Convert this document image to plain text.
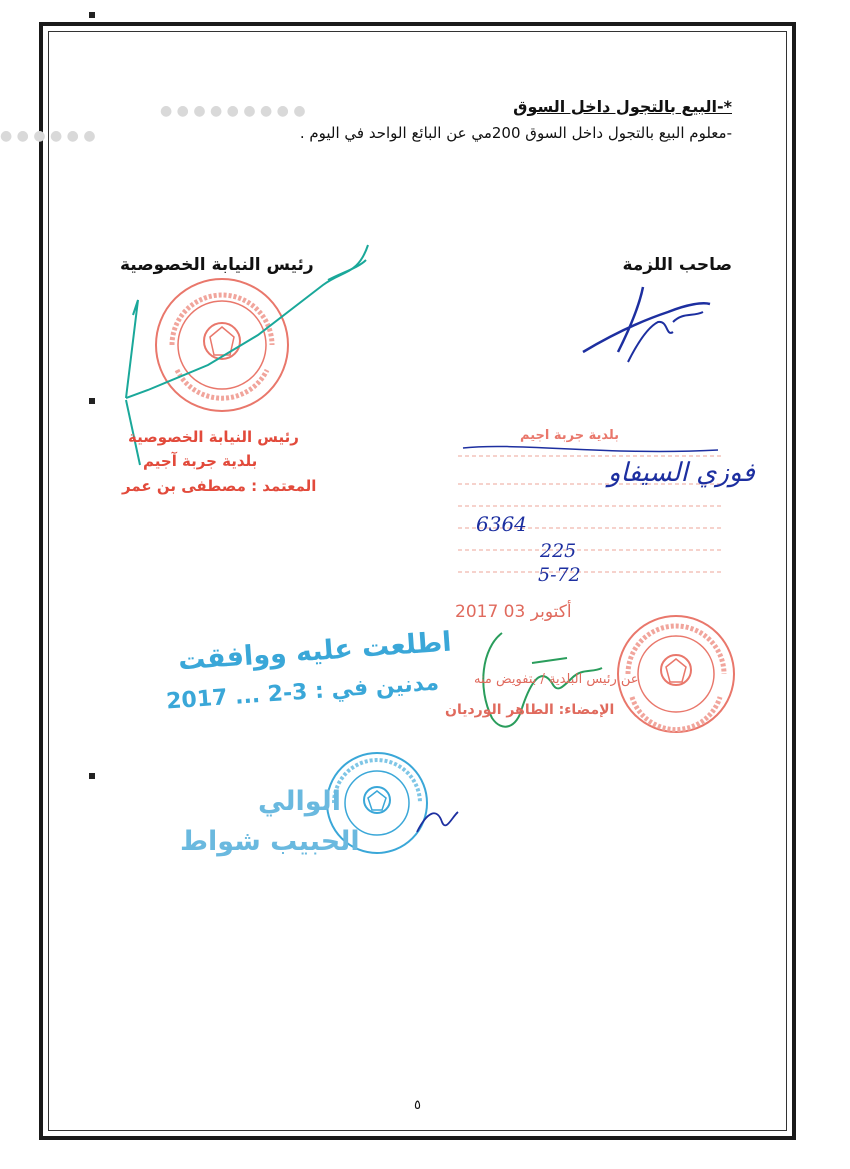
● ● ● ● ● ● ● ● ●
● ● ● ● ● ●
*-البيع بالتجول داخل السوق
-معلوم البيع بالتجول داخل السوق 200مي عن البائع الواحد في اليوم .
رئيس النيابة الخصوصية	صاحب اللزمة
رئيس النيابة الخصوصية
بلدية جربة آجيم
المعتمد : مصطفى بن عمر
بلدية جربة اجيم
فوزي السيفاو
6364
225
5-72
2017 أكتوبر 03
عن رئيس البلدية / بتفويض منه
الإمضاء: الطاهر الورديان
اطلعت عليه ووافقت
مدنين في : 3-2 ... 2017
الوالي
الحبيب شواط
٥
